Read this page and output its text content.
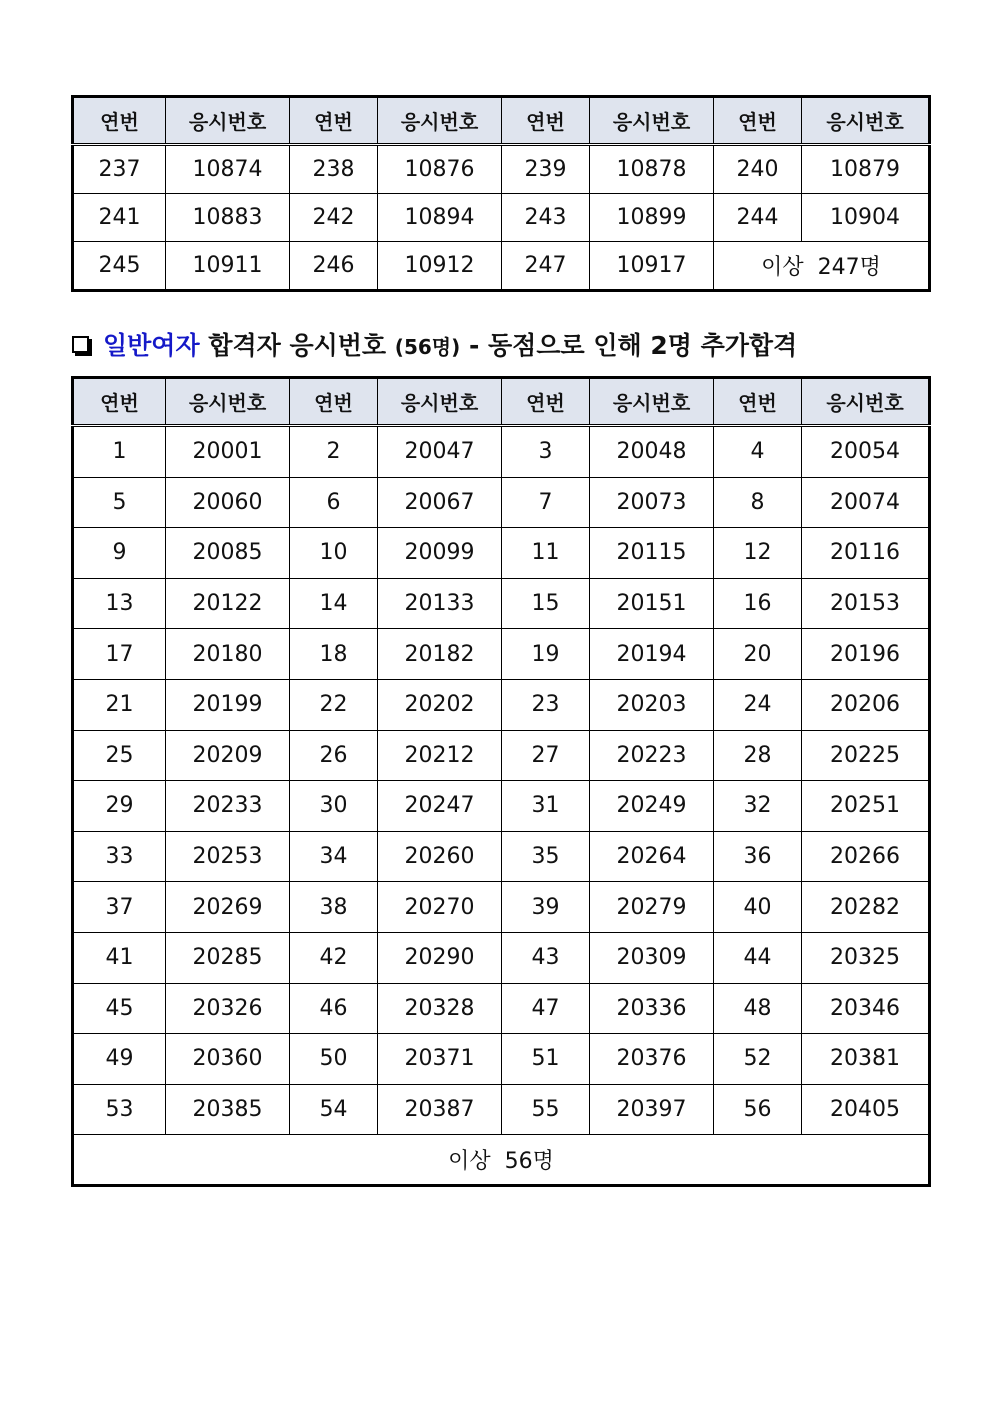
연번	응시번호	연번	응시번호	연번	응시번호	연번	응시번호
237	10874	238	10876	239	10878	240	10879
241	10883	242	10894	243	10899	244	10904
245	10911	246	10912	247	10917	이상  247명	
일반여자 합격자 응시번호 (56명) - 동점으로 인해 2명 추가합격
연번	응시번호	연번	응시번호	연번	응시번호	연번	응시번호
1	20001	2	20047	3	20048	4	20054
5	20060	6	20067	7	20073	8	20074
9	20085	10	20099	11	20115	12	20116
13	20122	14	20133	15	20151	16	20153
17	20180	18	20182	19	20194	20	20196
21	20199	22	20202	23	20203	24	20206
25	20209	26	20212	27	20223	28	20225
29	20233	30	20247	31	20249	32	20251
33	20253	34	20260	35	20264	36	20266
37	20269	38	20270	39	20279	40	20282
41	20285	42	20290	43	20309	44	20325
45	20326	46	20328	47	20336	48	20346
49	20360	50	20371	51	20376	52	20381
53	20385	54	20387	55	20397	56	20405
이상  56명							
